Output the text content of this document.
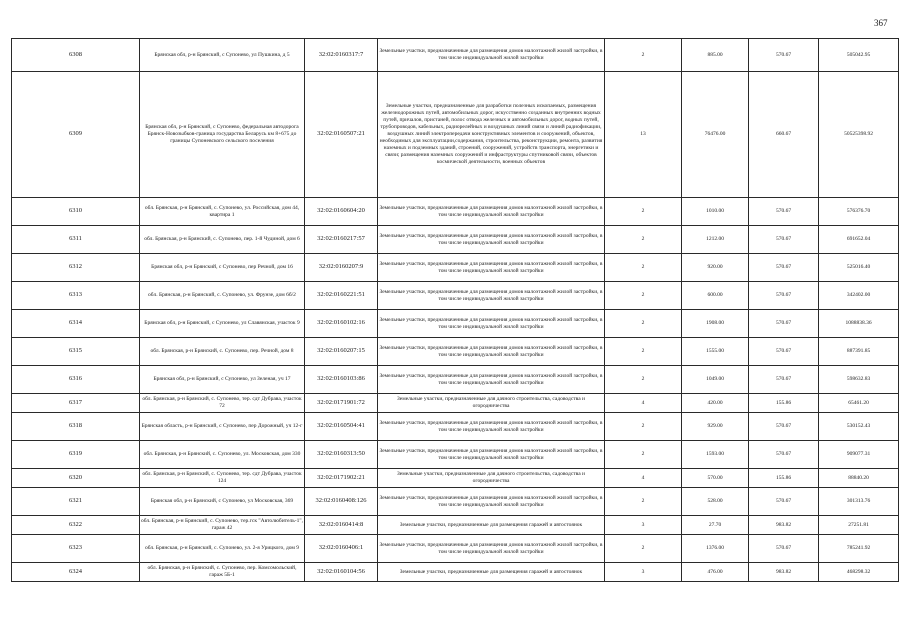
367
6308	Брянская обл, р-н Брянский, с Супонево, ул Пушкина, д 5	32:02:0160317:7	Земельные участки, предназначенные для размещения домов малоэтажной жилой застройки, в том числе индивидуальной жилой застройки	2	885.00	570.67	505042.95
6309	Брянская обл, р-н Брянский, с Супонево, федеральная автодорога Брянск-Новозыбков-граница государства Беларусь км 8+675 до границы Супоневского сельского поселения	32:02:0160507:21	Земельные участки, предназначенные для разработки полезных ископаемых, размещения железнодорожных путей, автомобильных дорог, искусственно созданных внутренних водных путей, причалов, пристаней, полос отвода железных и автомобильных дорог, водных путей, трубопроводов, кабельных, радиорелейных и воздушных линий связи и линий радиофикации, воздушных линий электропередачи конструктивных элементов и сооружений, объектов, необходимых для эксплуатации,содержания, строительства, реконструкции, ремонта, развития наземных и подземных зданий, строений, сооружений, устройств транспорта, энергетики и связи; размещения наземных сооружений и инфраструктуры спутниковой связи, объектов космической деятельности, военных объектов	13	76476.00	660.67	50525398.92
6310	обл. Брянская, р-н Брянский, с. Супонево, ул. Российская, дом 44, квартира 1	32:02:0160604:20	Земельные участки, предназначенные для размещения домов малоэтажной жилой застройки, в том числе индивидуальной жилой застройки	2	1010.00	570.67	576376.70
6311	обл. Брянская, р-н Брянский, с. Супонево, пер. 1-й Чудиной, дом 6	32:02:0160217:57	Земельные участки, предназначенные для размещения домов малоэтажной жилой застройки, в том числе индивидуальной жилой застройки	2	1212.00	570.67	691652.04
6312	Брянская обл, р-н Брянский, с Супонево, пер Речной, дом 16	32:02:0160207:9	Земельные участки, предназначенные для размещения домов малоэтажной жилой застройки, в том числе индивидуальной жилой застройки	2	920.00	570.67	525016.40
6313	обл. Брянская, р-н Брянский, с. Супонево, ул. Фрунзе, дом 6б/2	32:02:0160221:51	Земельные участки, предназначенные для размещения домов малоэтажной жилой застройки, в том числе индивидуальной жилой застройки	2	600.00	570.67	342402.00
6314	Брянская обл, р-н Брянский, с Супонево, ул Славянская, участок 9	32:02:0160102:16	Земельные участки, предназначенные для размещения домов малоэтажной жилой застройки, в том числе индивидуальной жилой застройки	2	1908.00	570.67	1088838.36
6315	обл. Брянская, р-н Брянский, с. Супонево, пер. Речной, дом 8	32:02:0160207:15	Земельные участки, предназначенные для размещения домов малоэтажной жилой застройки, в том числе индивидуальной жилой застройки	2	1555.00	570.67	887391.85
6316	Брянская обл, р-н Брянский, с Супонево, ул Зеленая, уч 17	32:02:0160103:86	Земельные участки, предназначенные для размещения домов малоэтажной жилой застройки, в том числе индивидуальной жилой застройки	2	1049.00	570.67	598632.83
6317	обл. Брянская, р-н Брянский, с. Супонево, тер. сдт Дубрава, участок 72	32:02:0171901:72	Земельные участки, предназначенные для дачного строительства, садоводства и огородничества	4	420.00	155.86	65461.20
6318	Брянская область, р-н Брянский, с Супонево, пер Дорожный, уч 12-г	32:02:0160504:41	Земельные участки, предназначенные для размещения домов малоэтажной жилой застройки, в том числе индивидуальной жилой застройки	2	929.00	570.67	530152.43
6319	обл. Брянская, р-н Брянский, с. Супонево, ул. Московская, дом 330	32:02:0160313:50	Земельные участки, предназначенные для размещения домов малоэтажной жилой застройки, в том числе индивидуальной жилой застройки	2	1593.00	570.67	909077.31
6320	обл. Брянская, р-н Брянский, с. Супонево, тер. сдт Дубрава, участок 124	32:02:0171902:21	Земельные участки, предназначенные для дачного строительства, садоводства и огородничества	4	570.00	155.86	88840.20
6321	Брянская обл, р-н Брянский, с Супонево, ул Московская, 369	32:02:0160408:126	Земельные участки, предназначенные для размещения домов малоэтажной жилой застройки, в том числе индивидуальной жилой застройки	2	528.00	570.67	301313.76
6322	обл. Брянская, р-н Брянский, с. Супонево, тер.гск "Автолюбитель-1", гараж 42	32:02:0160414:8	Земельные участки, предназначенные для размещения гаражей и автостоянок	3	27.70	983.82	27251.81
6323	обл. Брянская, р-н Брянский, с. Супонево, ул. 2-я Урицкого, дом 9	32:02:0160406:1	Земельные участки, предназначенные для размещения домов малоэтажной жилой застройки, в том числе индивидуальной жилой застройки	2	1376.00	570.67	785241.92
6324	обл. Брянская, р-н Брянский, с. Супонево, пер. Комсомольский, гараж 5Б-1	32:02:0160104:56	Земельные участки, предназначенные для размещения гаражей и автостоянок	3	476.00	983.82	468298.32
